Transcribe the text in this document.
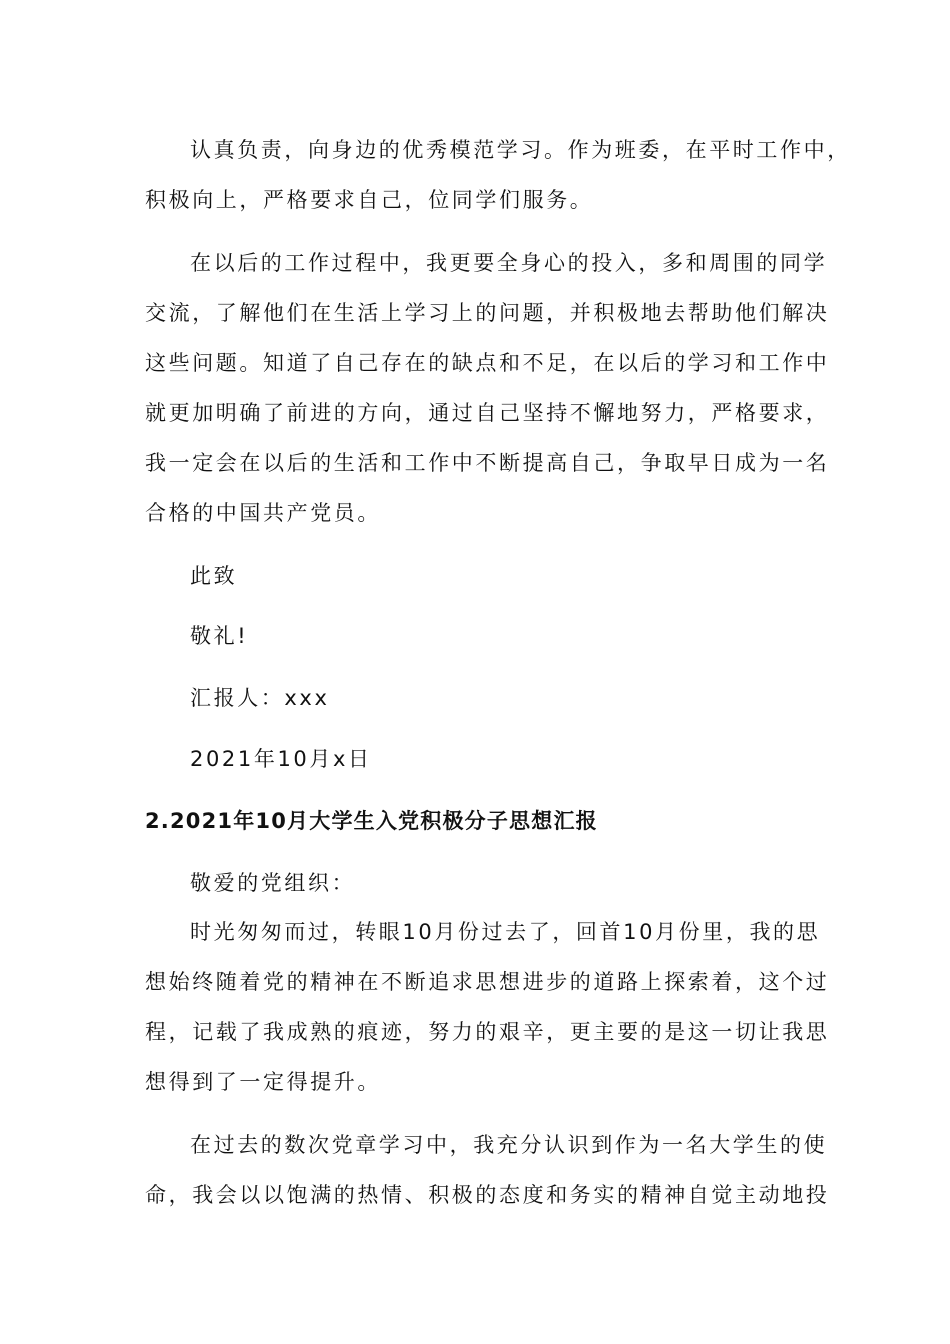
认真负责，向身边的优秀模范学习。作为班委，在平时工作中，
积极向上，严格要求自己，位同学们服务。
在以后的工作过程中，我更要全身心的投入，多和周围的同学
交流，了解他们在生活上学习上的问题，并积极地去帮助他们解决
这些问题。知道了自己存在的缺点和不足，在以后的学习和工作中
就更加明确了前进的方向，通过自己坚持不懈地努力，严格要求，
我一定会在以后的生活和工作中不断提高自己，争取早日成为一名
合格的中国共产党员。
此致
敬礼!
汇报人：xxx
2021年10月x日
2.2021年10月大学生入党积极分子思想汇报
敬爱的党组织：
时光匆匆而过，转眼10月份过去了，回首10月份里，我的思
想始终随着党的精神在不断追求思想进步的道路上探索着，这个过
程，记载了我成熟的痕迹，努力的艰辛，更主要的是这一切让我思
想得到了一定得提升。
在过去的数次党章学习中，我充分认识到作为一名大学生的使
命，我会以以饱满的热情、积极的态度和务实的精神自觉主动地投
